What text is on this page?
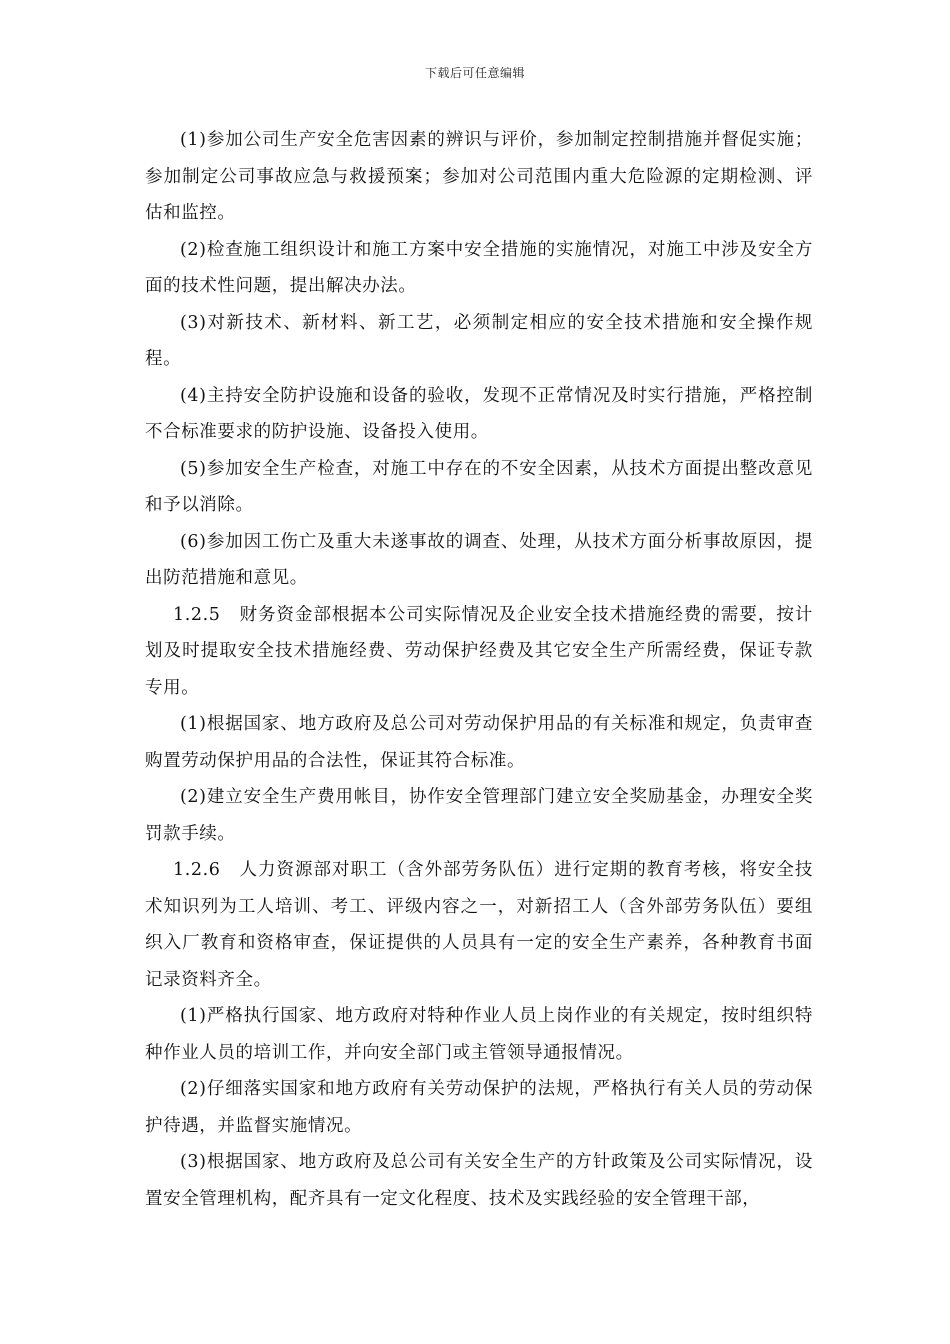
下载后可任意编辑

(1)参加公司生产安全危害因素的辨识与评价，参加制定控制措施并督促实施；参加制定公司事故应急与救援预案；参加对公司范围内重大危险源的定期检测、评估和监控。

(2)检查施工组织设计和施工方案中安全措施的实施情况，对施工中涉及安全方面的技术性问题，提出解决办法。

(3)对新技术、新材料、新工艺，必须制定相应的安全技术措施和安全操作规程。

(4)主持安全防护设施和设备的验收，发现不正常情况及时实行措施，严格控制不合标准要求的防护设施、设备投入使用。

(5)参加安全生产检查，对施工中存在的不安全因素，从技术方面提出整改意见和予以消除。

(6)参加因工伤亡及重大未遂事故的调查、处理，从技术方面分析事故原因，提出防范措施和意见。

1.2.5　财务资金部根据本公司实际情况及企业安全技术措施经费的需要，按计划及时提取安全技术措施经费、劳动保护经费及其它安全生产所需经费，保证专款专用。

(1)根据国家、地方政府及总公司对劳动保护用品的有关标准和规定，负责审查购置劳动保护用品的合法性，保证其符合标准。

(2)建立安全生产费用帐目，协作安全管理部门建立安全奖励基金，办理安全奖罚款手续。

1.2.6　人力资源部对职工（含外部劳务队伍）进行定期的教育考核，将安全技术知识列为工人培训、考工、评级内容之一，对新招工人（含外部劳务队伍）要组织入厂教育和资格审查，保证提供的人员具有一定的安全生产素养，各种教育书面记录资料齐全。

(1)严格执行国家、地方政府对特种作业人员上岗作业的有关规定，按时组织特种作业人员的培训工作，并向安全部门或主管领导通报情况。

(2)仔细落实国家和地方政府有关劳动保护的法规，严格执行有关人员的劳动保护待遇，并监督实施情况。

(3)根据国家、地方政府及总公司有关安全生产的方针政策及公司实际情况，设置安全管理机构，配齐具有一定文化程度、技术及实践经验的安全管理干部，
